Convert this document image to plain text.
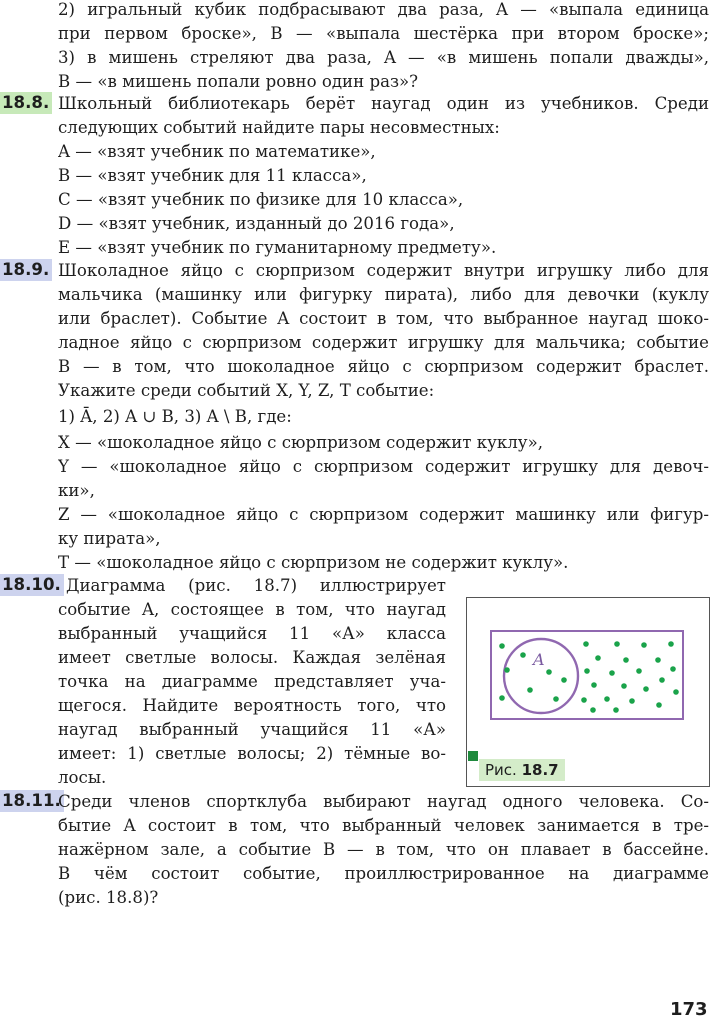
2) игральный кубик подбрасывают два раза, A — «выпала единица
при первом броске», B — «выпала шестёрка при втором броске»;
3) в мишень стреляют два раза, A — «в мишень попали дважды»,
B — «в мишень попали ровно один раз»?
18.8. Школьный библиотекарь берёт наугад один из учебников. Среди
следующих событий найдите пары несовместных:
A — «взят учебник по математике»,
B — «взят учебник для 11 класса»,
C — «взят учебник по физике для 10 класса»,
D — «взят учебник, изданный до 2016 года»,
E — «взят учебник по гуманитарному предмету».
18.9. Шоколадное яйцо с сюрпризом содержит внутри игрушку либо для
мальчика (машинку или фигурку пирата), либо для девочки (куклу
или браслет). Событие A состоит в том, что выбранное наугад шоко-
ладное яйцо с сюрпризом содержит игрушку для мальчика; событие
B — в том, что шоколадное яйцо с сюрпризом содержит браслет.
Укажите среди событий X, Y, Z, T событие:
1) Ā, 2) A ∪ B, 3) A \ B, где:
X — «шоколадное яйцо с сюрпризом содержит куклу»,
Y — «шоколадное яйцо с сюрпризом содержит игрушку для девоч-
ки»,
Z — «шоколадное яйцо с сюрпризом содержит машинку или фигур-
ку пирата»,
T — «шоколадное яйцо с сюрпризом не содержит куклу».
18.10. Диаграмма (рис. 18.7) иллюстрирует
событие A, состоящее в том, что наугад
выбранный учащийся 11 «А» класса
имеет светлые волосы. Каждая зелёная
точка на диаграмме представляет уча-
щегося. Найдите вероятность того, что
наугад выбранный учащийся 11 «А»
имеет: 1) светлые волосы; 2) тёмные во-
лосы.
A
Рис. 18.7
18.11.
Среди членов спортклуба выбирают наугад одного человека. Со-
бытие A состоит в том, что выбранный человек занимается в тре-
нажёрном зале, а событие B — в том, что он плавает в бассейне.
В чём состоит событие, проиллюстрированное на диаграмме
(рис. 18.8)?
173
